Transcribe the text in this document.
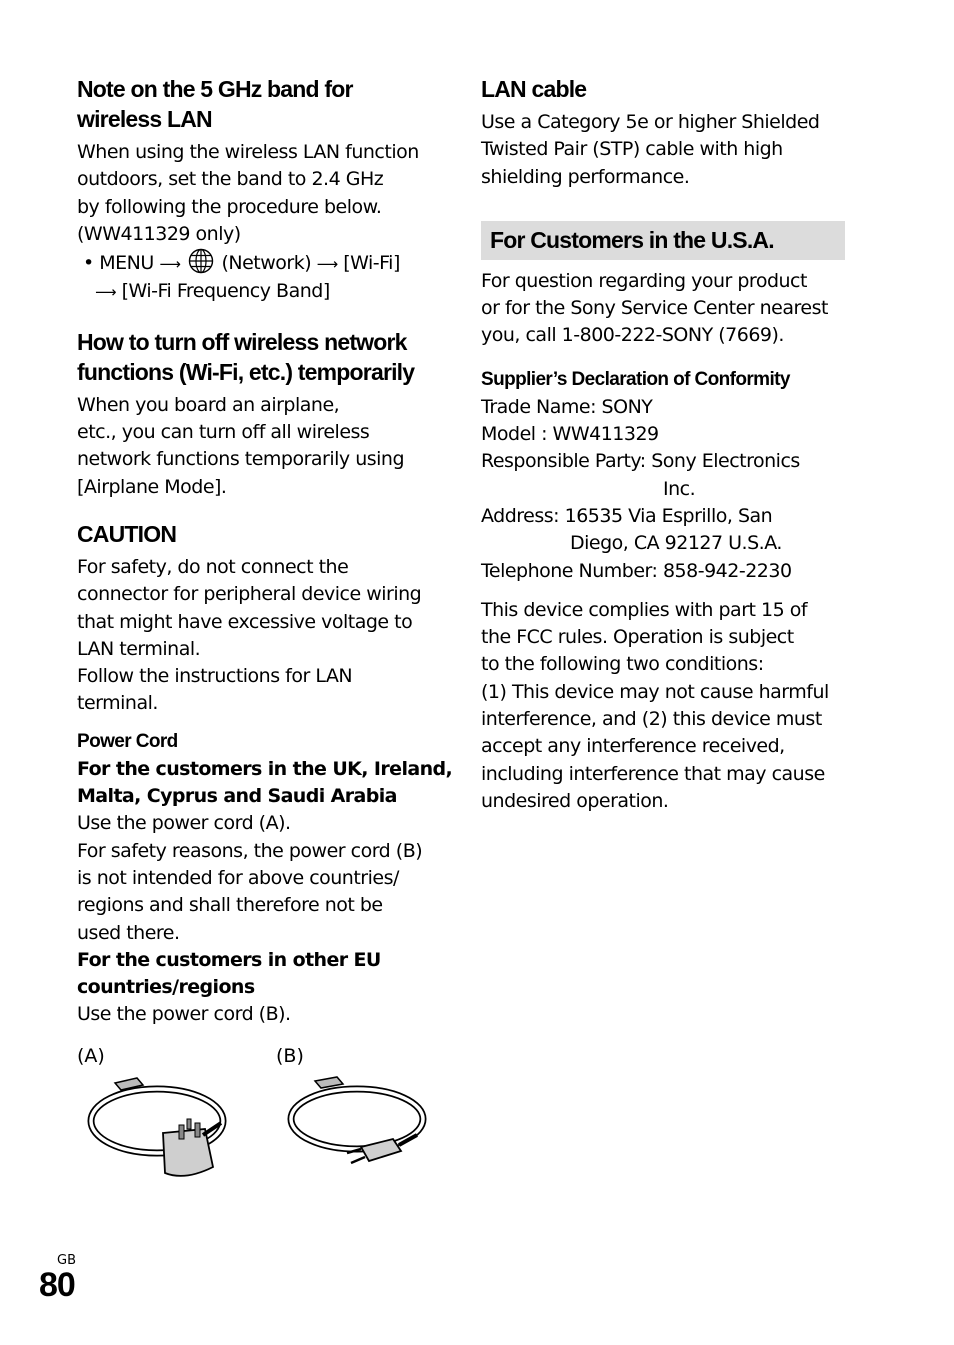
Note on the 5 GHz band for
wireless LAN
When using the wireless LAN function
outdoors, set the band to 2.4 GHz
by following the procedure below.
(WW411329 only)
• MENU ⟶ (Network) ⟶ [Wi-Fi]
⟶ [Wi-Fi Frequency Band]
How to turn off wireless network
functions (Wi-Fi, etc.) temporarily
When you board an airplane,
etc., you can turn off all wireless
network functions temporarily using
[Airplane Mode].
CAUTION
For safety, do not connect the
connector for peripheral device wiring
that might have excessive voltage to
LAN terminal.
Follow the instructions for LAN
terminal.
Power Cord
For the customers in the UK, Ireland,
Malta, Cyprus and Saudi Arabia
Use the power cord (A).
For safety reasons, the power cord (B)
is not intended for above countries/
regions and shall therefore not be
used there.
For the customers in other EU
countries/regions
Use the power cord (B).
(A)	(B)
LAN cable
Use a Category 5e or higher Shielded
Twisted Pair (STP) cable with high
shielding performance.
For Customers in the U.S.A.
For question regarding your product
or for the Sony Service Center nearest
you, call 1-800-222-SONY (7669).
Supplier’s Declaration of Conformity
Trade Name: SONY
Model : WW411329
Responsible Party: Sony Electronics
Inc.
Address: 16535 Via Esprillo, San
Diego, CA 92127 U.S.A.
Telephone Number: 858-942-2230
This device complies with part 15 of
the FCC rules. Operation is subject
to the following two conditions:
(1) This device may not cause harmful
interference, and (2) this device must
accept any interference received,
including interference that may cause
undesired operation.
GB
80
